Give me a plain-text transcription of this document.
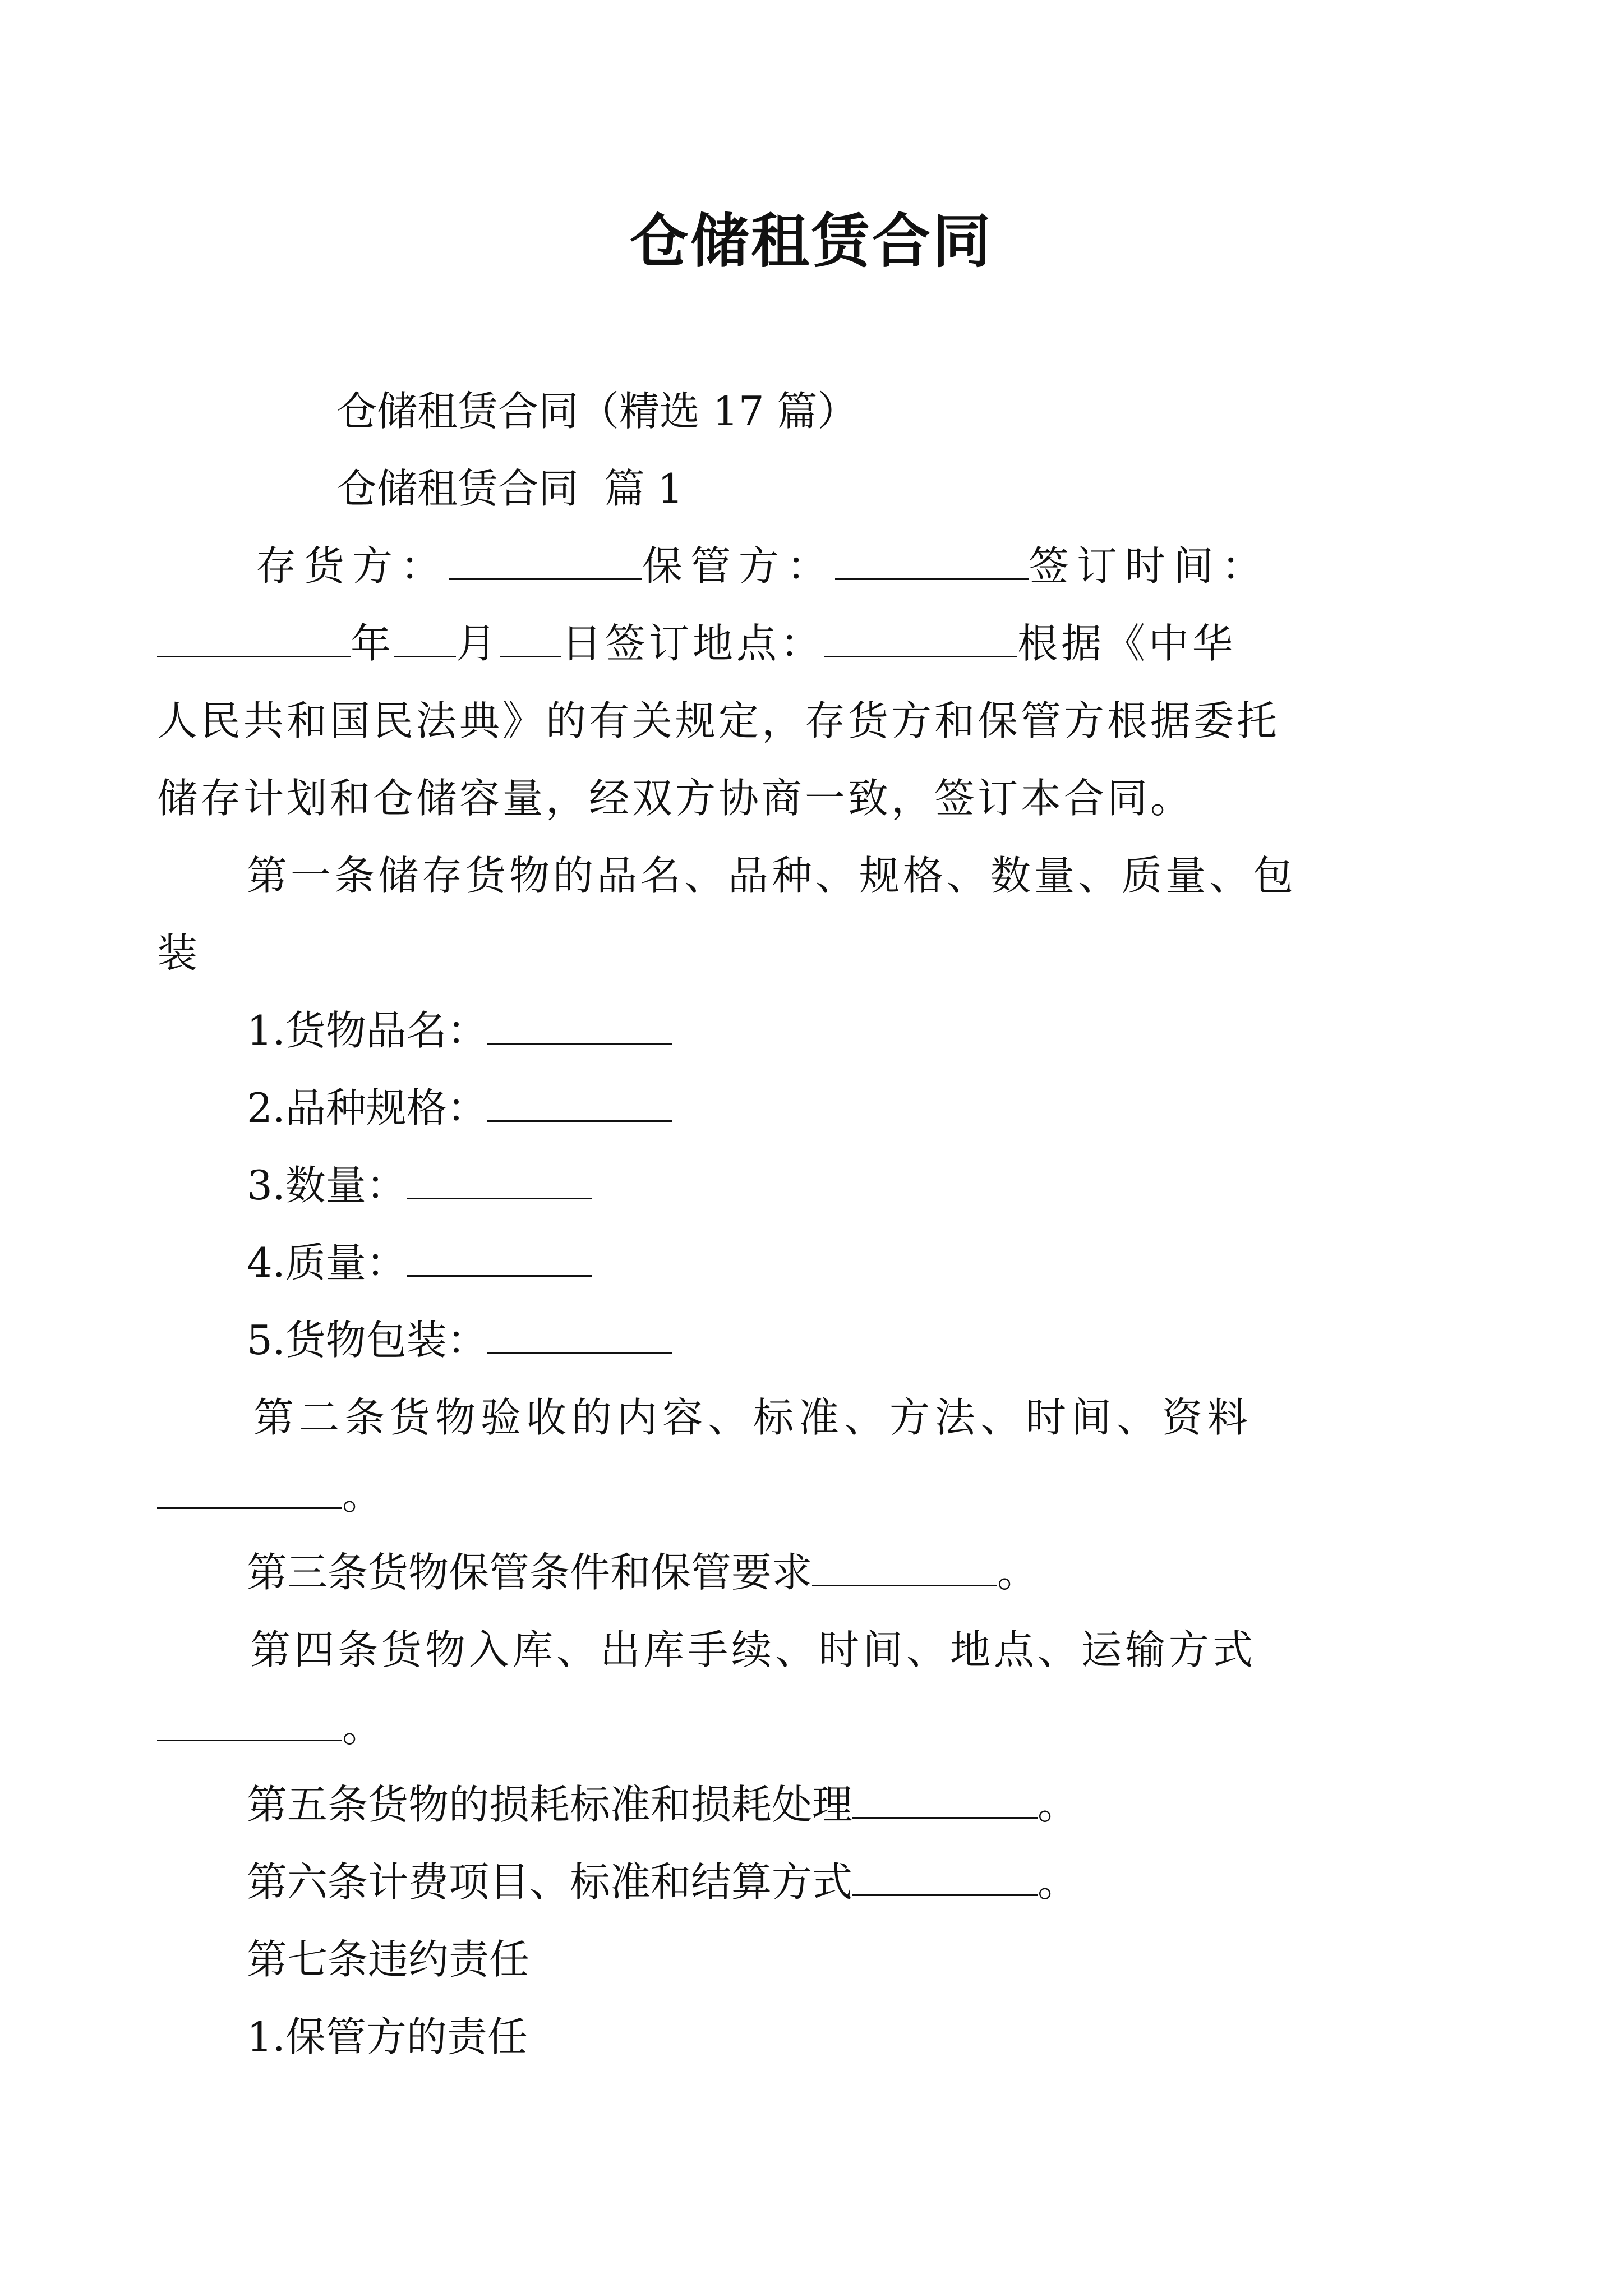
仓储租赁合同

仓储租赁合同（精选 17 篇）

仓储租赁合同  篇 1

存货方：	保管方：	签订时间：
年 月 日签订地点：	根据《中华
人民共和国民法典》的有关规定，存货方和保管方根据委托
储存计划和仓储容量，经双方协商一致，签订本合同。
第一条储存货物的品名、品种、规格、数量、质量、包
装
1.货物品名：
2.品种规格：
3.数量：
4.质量：
5.货物包装：
第二条货物验收的内容、标准、方法、时间、资料
。
第三条货物保管条件和保管要求	。
第四条货物入库、出库手续、时间、地点、运输方式
。
第五条货物的损耗标准和损耗处理	。
第六条计费项目、标准和结算方式	。
第七条违约责任
1.保管方的责任
